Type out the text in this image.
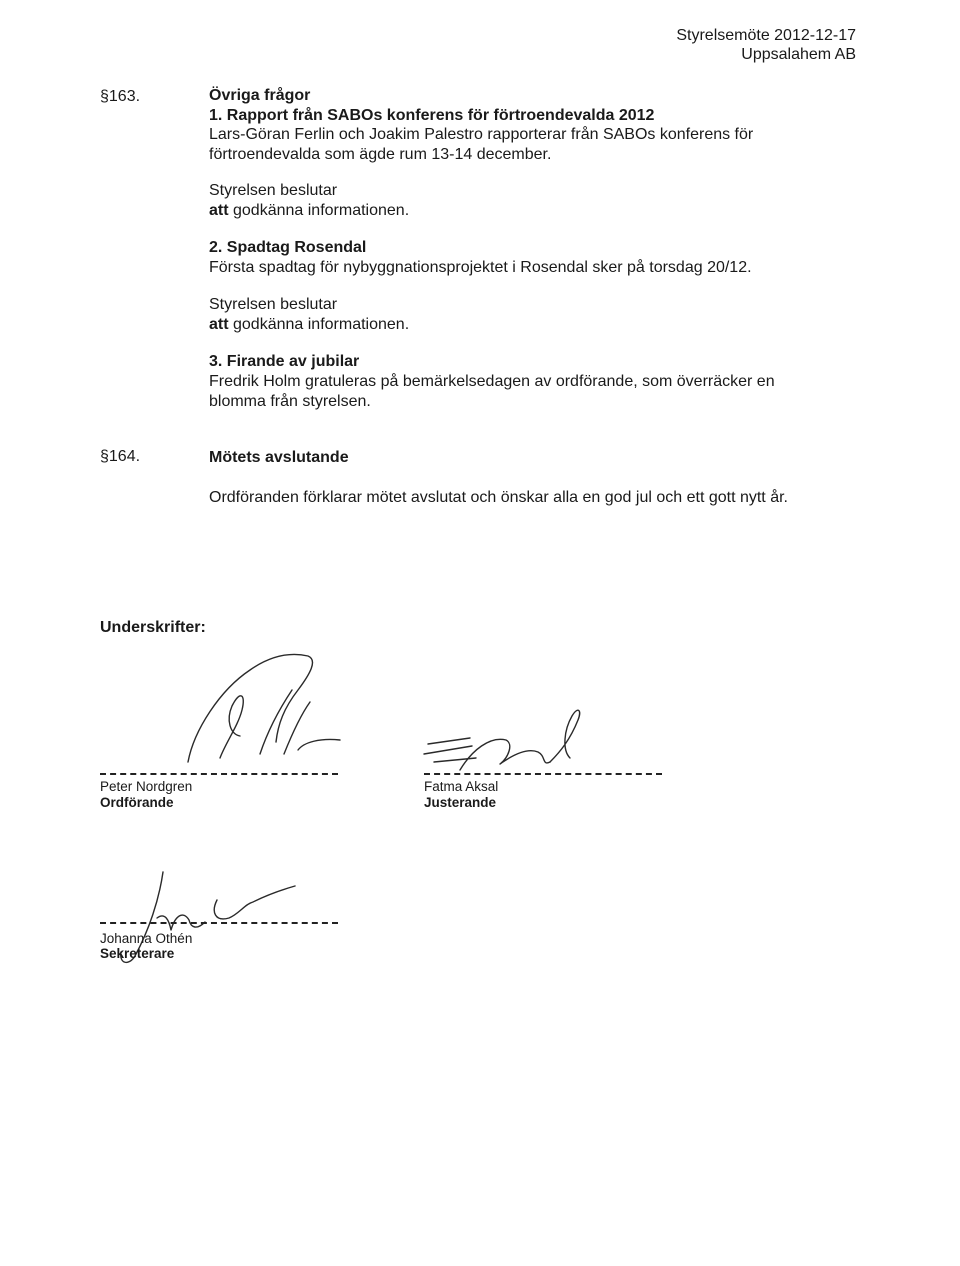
Styrelsemöte 2012-12-17
Uppsalahem AB
§163.	Övriga frågor
1. Rapport från SABOs konferens för förtroendevalda 2012
Lars-Göran Ferlin och Joakim Palestro rapporterar från SABOs konferens för förtroendevalda som ägde rum 13-14 december.
Styrelsen beslutar
att godkänna informationen.
2. Spadtag Rosendal
Första spadtag för nybyggnationsprojektet i Rosendal sker på torsdag 20/12.
Styrelsen beslutar
att godkänna informationen.
3. Firande av jubilar
Fredrik Holm gratuleras på bemärkelsedagen av ordförande, som överräcker en blomma från styrelsen.
§164.	Mötets avslutande
Ordföranden förklarar mötet avslutat och önskar alla en god jul och ett gott nytt år.
Underskrifter:
Peter Nordgren
Ordförande
Fatma Aksal
Justerande
Johanna Othén
Sekreterare
